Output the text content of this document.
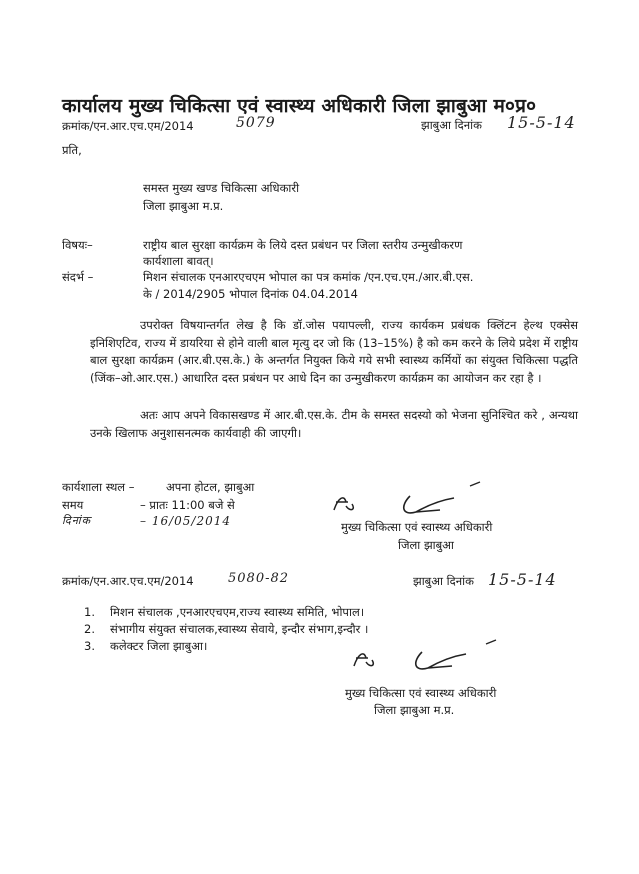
कार्यालय मुख्य चिकित्सा एवं स्वास्थ्य अधिकारी जिला झाबुआ म०प्र०
क्रमांक/एन.आर.एच.एम/2014	5079	झाबुआ दिनांक 15-5-14
प्रति,
समस्त मुख्य खण्ड चिकित्सा अधिकारी
जिला झाबुआ म.प्र.
विषयः–	राष्ट्रीय बाल सुरक्षा कार्यक्रम के लिये दस्त प्रबंधन पर जिला स्तरीय उन्मुखीकरण
कार्यशाला बावत्।
संदर्भ –	मिशन संचालक एनआरएचएम भोपाल का पत्र कमांक /एन.एच.एम./आर.बी.एस.
के / 2014/2905 भोपाल दिनांक 04.04.2014
उपरोक्त विषयान्तर्गत लेख है कि डॉ.जोस पयापल्ली, राज्य कार्यकम प्रबंधक क्लिंटन हेल्थ एक्सेस इनिशिएटिव, राज्य में डायरिया से होने वाली बाल मृत्यु दर जो कि (13–15%) है को कम करने के लिये प्रदेश में राष्ट्रीय बाल सुरक्षा कार्यक्रम (आर.बी.एस.के.) के अन्तर्गत नियुक्त किये गये सभी स्वास्थ्य कर्मियों का संयुक्त चिकित्सा पद्धति (जिंक–ओ.आर.एस.) आधारित दस्त प्रबंधन पर आधे दिन का उन्मुखीकरण कार्यक्रम का आयोजन कर रहा है ।
अतः आप अपने विकासखण्ड में आर.बी.एस.के. टीम के समस्त सदस्यो को भेजना सुनिश्चित करे , अन्यथा उनके खिलाफ अनुशासनत्मक कार्यवाही की जाएगी।
कार्यशाला स्थल –	अपना होटल, झाबुआ
समय	– प्रातः 11:00 बजे से
दिनांक	– 16/05/2014	मुख्य चिकित्सा एवं स्वास्थ्य अधिकारी
जिला झाबुआ
क्रमांक/एन.आर.एच.एम/2014	5080-82	झाबुआ दिनांक 15-5-14
1. मिशन संचालक ,एनआरएचएम,राज्य स्वास्थ्य समिति, भोपाल।
2. संभागीय संयुक्त संचालक,स्वास्थ्य सेवाये, इन्दौर संभाग,इन्दौर ।
3. कलेक्टर जिला झाबुआ।
मुख्य चिकित्सा एवं स्वास्थ्य अधिकारी
जिला झाबुआ म.प्र.
